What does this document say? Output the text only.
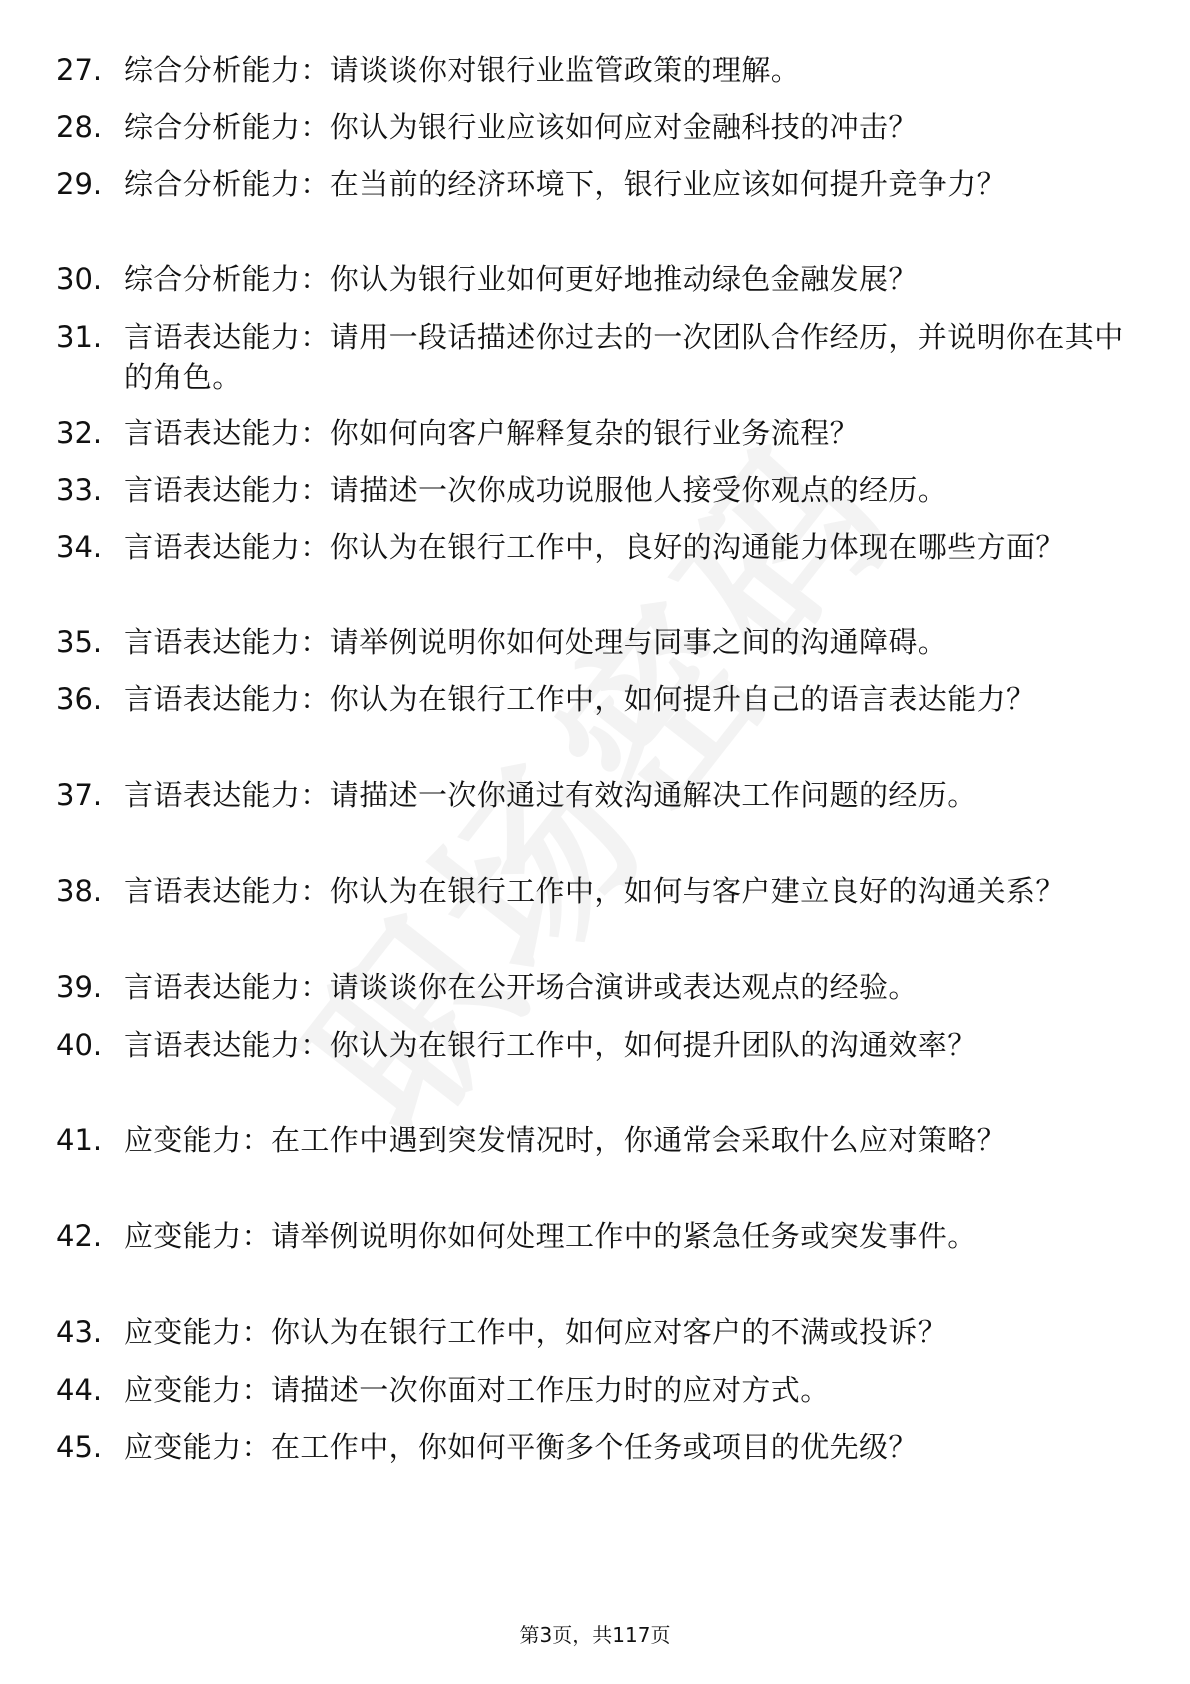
27. 综合分析能力：请谈谈你对银行业监管政策的理解。
28. 综合分析能力：你认为银行业应该如何应对金融科技的冲击？
29. 综合分析能力：在当前的经济环境下，银行业应该如何提升竞争力？
30. 综合分析能力：你认为银行业如何更好地推动绿色金融发展？
31. 言语表达能力：请用一段话描述你过去的一次团队合作经历，并说明你在其中的角色。
32. 言语表达能力：你如何向客户解释复杂的银行业务流程？
33. 言语表达能力：请描述一次你成功说服他人接受你观点的经历。
34. 言语表达能力：你认为在银行工作中，良好的沟通能力体现在哪些方面？
35. 言语表达能力：请举例说明你如何处理与同事之间的沟通障碍。
36. 言语表达能力：你认为在银行工作中，如何提升自己的语言表达能力？
37. 言语表达能力：请描述一次你通过有效沟通解决工作问题的经历。
38. 言语表达能力：你认为在银行工作中，如何与客户建立良好的沟通关系？
39. 言语表达能力：请谈谈你在公开场合演讲或表达观点的经验。
40. 言语表达能力：你认为在银行工作中，如何提升团队的沟通效率？
41. 应变能力：在工作中遇到突发情况时，你通常会采取什么应对策略？
42. 应变能力：请举例说明你如何处理工作中的紧急任务或突发事件。
43. 应变能力：你认为在银行工作中，如何应对客户的不满或投诉？
44. 应变能力：请描述一次你面对工作压力时的应对方式。
45. 应变能力：在工作中，你如何平衡多个任务或项目的优先级？
第3页，共117页
